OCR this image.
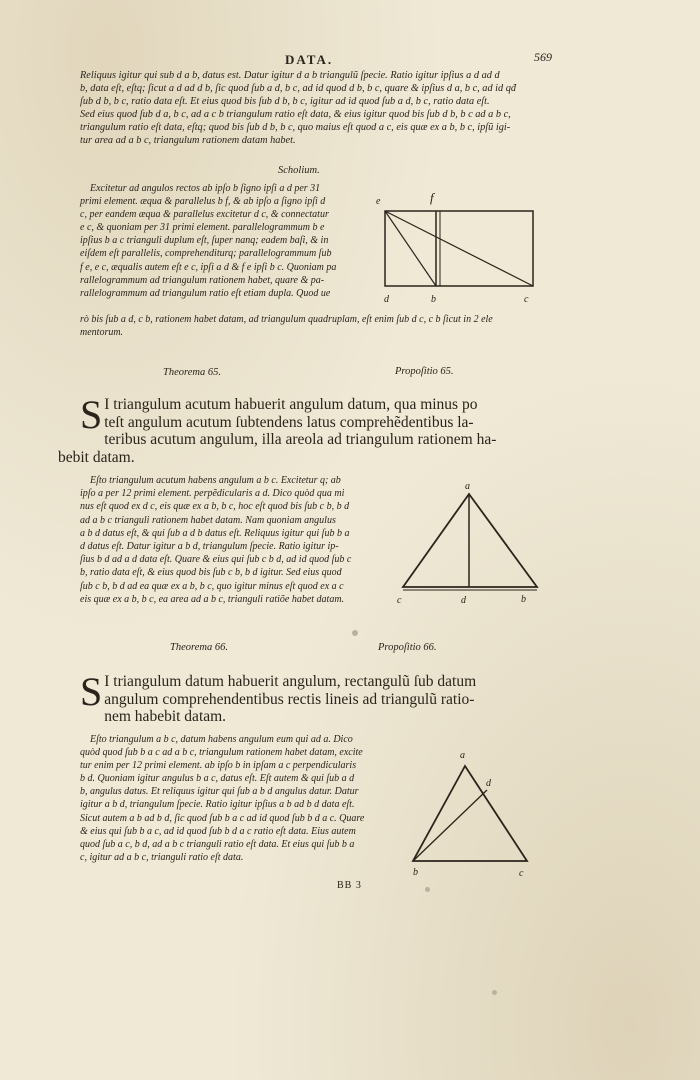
DATA.	569

Reliquus igitur qui sub d a b, datus est. Datur igitur d a b triangulũ ſpecie. Ratio igitur ipſius a d ad d

b, data eſt, eſtq; ſicut a d ad d b, ſic quod ſub a d, b c, ad id quod d b, b c, quare & ipſius d a, b c, ad id qđ

ſub d b, b c, ratio data eſt. Et eius quod bis ſub d b, b c, igitur ad id quod ſub a d, b c, ratio data eſt.

Sed eius quod ſub d a, b c, ad a c b triangulum ratio eſt data, & eius igitur quod bis ſub d b, b c ad a b c,

triangulum ratio eſt data, eſtq; quod bis ſub d b, b c, quo maius eſt quod a c, eis quæ ex a b, b c, ipſũ igi-

tur area ad a b c, triangulum rationem datam habet.

Scholium.

Excitetur ad angulos rectos ab ipſo b ſigno ipſi a d per 31

primi element. æqua & parallelus b f, & ab ipſo a ſigno ipſi d

c, per eandem æqua & parallelus excitetur d c, & connectatur

e c, & quoniam per 31 primi element. parallelogrammum b e

ipſius b a c trianguli duplum eſt, ſuper nanq; eadem baſi, & in

eiſdem eſt parallelis, comprehenditurq; parallelogrammum ſub

f e, e c, æqualis autem eſt e c, ipſi a d & f e ipſi b c. Quoniam pa

rallelogrammum ad triangulum rationem habet, quare & pa-

rallelogrammum ad triangulum ratio eſt etiam dupla. Quod ue

rò bis ſub a d, c b, rationem habet datam, ad triangulum quadruplam, eſt enim ſub d c, c b ſicut in 2 ele

mentorum.

e	f
d	b	c
Theorema 65.	Propoſitio 65.
S I triangulum acutum habuerit angulum datum, qua minus po

teſt angulum acutum ſubtendens latus comprehẽdentibus la-

teribus acutum angulum, illa areola ad triangulum rationem ha-

bebit datam.

Eſto triangulum acutum habens angulum a b c. Excitetur q; ab

ipſo a per 12 primi element. perpẽdicularis a d. Dico quòd qua mi

nus eſt quod ex d c, eis quæ ex a b, b c, hoc eſt quod bis ſub c b, b d

ad a b c trianguli rationem habet datam. Nam quoniam angulus

a b d datus eſt, & qui ſub a d b datus eſt. Reliquus igitur qui ſub b a

d datus eſt. Datur igitur a b d, triangulum ſpecie. Ratio igitur ip-

ſius b d ad a d data eſt. Quare & eius qui ſub c b d, ad id quod ſub c

b, ratio data eſt, & eius quod bis ſub c b, b d igitur. Sed eius quod

ſub c b, b d ad ea quæ ex a b, b c, quo igitur minus eſt quod ex a c

eis quæ ex a b, b c, ea area ad a b c, trianguli ratiõe habet datam.

a
c	d	b
Theorema 66.	Propoſitio 66.
S I triangulum datum habuerit angulum, rectangulũ ſub datum

angulum comprehendentibus rectis lineis ad triangulũ ratio-

nem habebit datam.

Eſto triangulum a b c, datum habens angulum eum qui ad a. Dico

quòd quod ſub b a c ad a b c, triangulum rationem habet datam, excite

tur enim per 12 primi element. ab ipſo b in ipſam a c perpendicularis

b d. Quoniam igitur angulus b a c, datus eſt. Eſt autem & qui ſub a d

b, angulus datus. Et reliquus igitur qui ſub a b d angulus datur. Datur

igitur a b d, triangulum ſpecie. Ratio igitur ipſius a b ad b d data eſt.

Sicut autem a b ad b d, ſic quod ſub b a c ad id quod ſub b d a c. Quare

& eius qui ſub b a c, ad id quod ſub b d a c ratio eſt data. Eius autem

quod ſub a c, b d, ad a b c trianguli ratio eſt data. Et eius qui ſub b a

c, igitur ad a b c, trianguli ratio eſt data.

a
d
b	c
BB 3
